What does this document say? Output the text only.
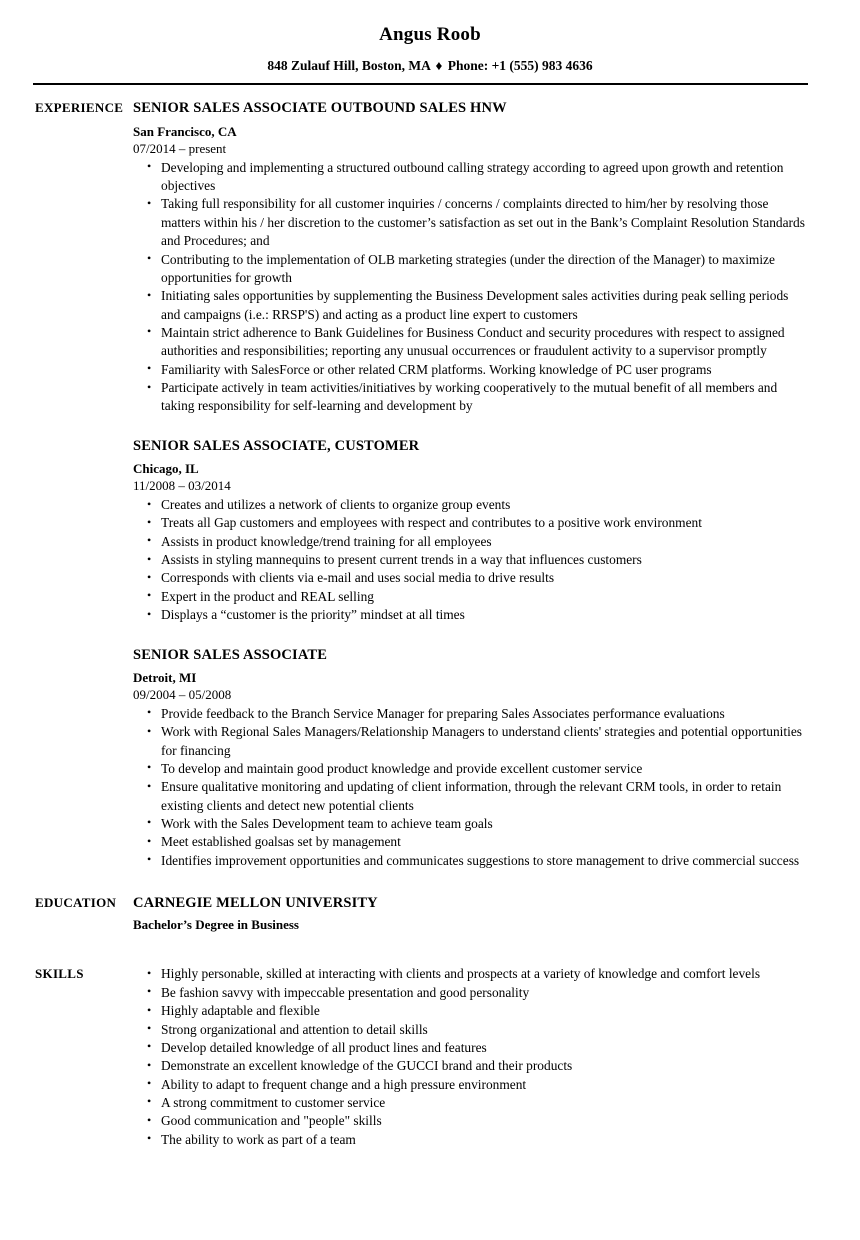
Angus Roob
848 Zulauf Hill, Boston, MA ♦ Phone: +1 (555) 983 4636
EXPERIENCE SENIOR SALES ASSOCIATE OUTBOUND SALES HNW
San Francisco, CA
07/2014 – present
• Developing and implementing a structured outbound calling strategy according to agreed upon growth and retention objectives
• Taking full responsibility for all customer inquiries / concerns / complaints directed to him/her by resolving those matters within his / her discretion to the customer’s satisfaction as set out in the Bank’s Complaint Resolution Standards and Procedures; and
• Contributing to the implementation of OLB marketing strategies (under the direction of the Manager) to maximize opportunities for growth
• Initiating sales opportunities by supplementing the Business Development sales activities during peak selling periods and campaigns (i.e.: RRSP'S) and acting as a product line expert to customers
• Maintain strict adherence to Bank Guidelines for Business Conduct and security procedures with respect to assigned authorities and responsibilities; reporting any unusual occurrences or fraudulent activity to a supervisor promptly
• Familiarity with SalesForce or other related CRM platforms. Working knowledge of PC user programs
• Participate actively in team activities/initiatives by working cooperatively to the mutual benefit of all members and taking responsibility for self-learning and development by
SENIOR SALES ASSOCIATE, CUSTOMER
Chicago, IL
11/2008 – 03/2014
• Creates and utilizes a network of clients to organize group events
• Treats all Gap customers and employees with respect and contributes to a positive work environment
• Assists in product knowledge/trend training for all employees
• Assists in styling mannequins to present current trends in a way that influences customers
• Corresponds with clients via e-mail and uses social media to drive results
• Expert in the product and REAL selling
• Displays a “customer is the priority” mindset at all times
SENIOR SALES ASSOCIATE
Detroit, MI
09/2004 – 05/2008
• Provide feedback to the Branch Service Manager for preparing Sales Associates performance evaluations
• Work with Regional Sales Managers/Relationship Managers to understand clients' strategies and potential opportunities for financing
• To develop and maintain good product knowledge and provide excellent customer service
• Ensure qualitative monitoring and updating of client information, through the relevant CRM tools, in order to retain existing clients and detect new potential clients
• Work with the Sales Development team to achieve team goals
• Meet established goalsas set by management
• Identifies improvement opportunities and communicates suggestions to store management to drive commercial success
EDUCATION	CARNEGIE MELLON UNIVERSITY
Bachelor’s Degree in Business
SKILLS	• Highly personable, skilled at interacting with clients and prospects at a variety of knowledge and comfort levels
• Be fashion savvy with impeccable presentation and good personality
• Highly adaptable and flexible
• Strong organizational and attention to detail skills
• Develop detailed knowledge of all product lines and features
• Demonstrate an excellent knowledge of the GUCCI brand and their products
• Ability to adapt to frequent change and a high pressure environment
• A strong commitment to customer service
• Good communication and "people" skills
• The ability to work as part of a team
